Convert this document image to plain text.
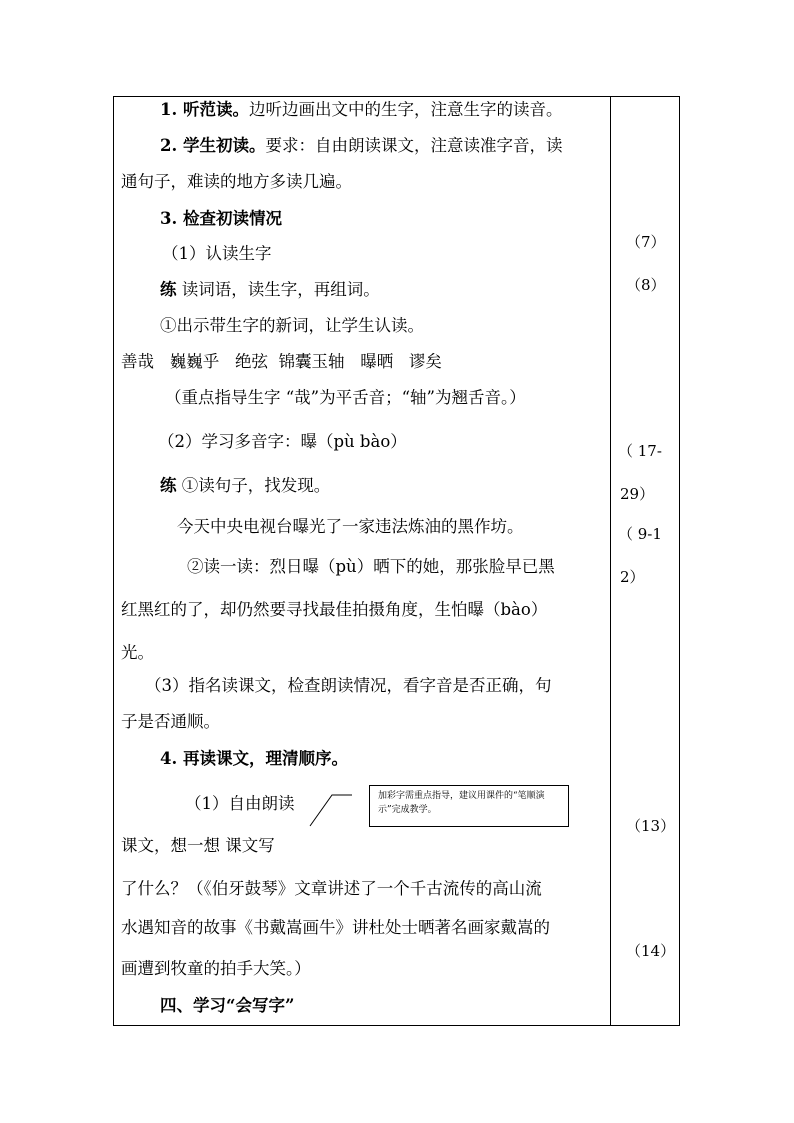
1. 听范读。边听边画出文中的生字，注意生字的读音。
2. 学生初读。要求：自由朗读课文，注意读准字音，读
通句子，难读的地方多读几遍。
3. 检查初读情况
（1）认读生字
练 读词语，读生字，再组词。
①出示带生字的新词，让学生认读。
善哉   巍巍乎   绝弦  锦囊玉轴   曝晒   谬矣
（重点指导生字 “哉”为平舌音；“轴”为翘舌音。）
（2）学习多音字：曝（pù bào）
练 ①读句子，找发现。
今天中央电视台曝光了一家违法炼油的黑作坊。
②读一读：烈日曝（pù）晒下的她，那张脸早已黑
红黑红的了，却仍然要寻找最佳拍摄角度，生怕曝（bào）
光。
（3）指名读课文，检查朗读情况，看字音是否正确，句
子是否通顺。
4. 再读课文，理清顺序。
（1）自由朗读
课文，想一想 课文写
了什么？（《伯牙鼓琴》文章讲述了一个千古流传的高山流
水遇知音的故事《书戴嵩画牛》讲杜处士晒著名画家戴嵩的
画遭到牧童的拍手大笑。）
四、学习“会写字”
加彩字需重点指导，建议用课件的“笔顺演示”完成教学。
（7）
（8）
（ 17-
29）
（ 9-1
2）
（13）
（14）
